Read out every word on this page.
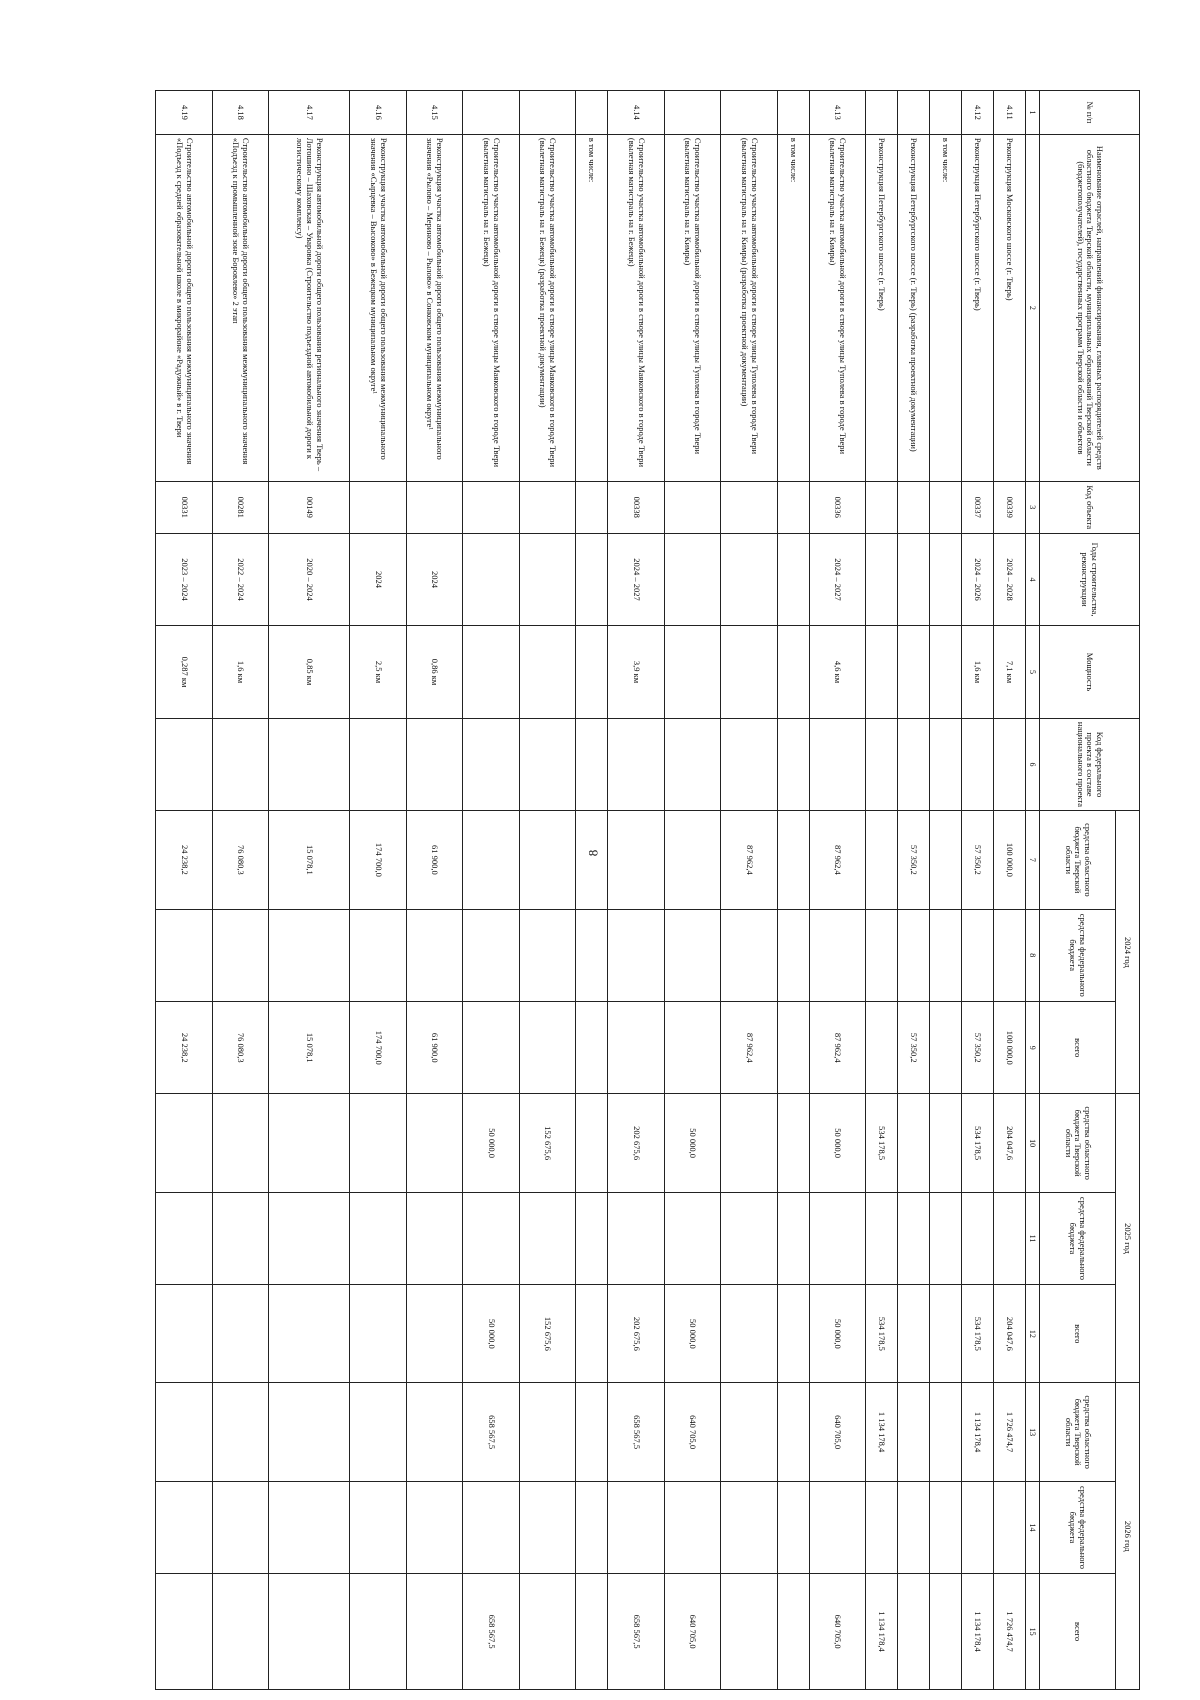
8
№ п/п	Наименование отраслей, направлений финансирования, главных распорядителей средств областного бюджета Тверской области, муниципальных образований Тверской области (бюджетополучателей), государственных программ Тверской области и объектов	Код объекта	Годы строительства, реконструкции	Мощность	Код федерального проекта в составе национального проекта	2024 год			2025 год			2026 год		
						средства областного бюджета Тверской области	средства федерального бюджета	всего	средства областного бюджета Тверской области	средства федерального бюджета	всего	средства областного бюджета Тверской области	средства федерального бюджета	всего
1	2	3	4	5	6	7	8	9	10	11	12	13	14	15
4.11	Реконструкция Московского шоссе (г. Тверь)	00339	2024 – 2028	7,1 км		100 000,0		100 000,0	204 047,6		204 047,6	1 726 474,7		1 726 474,7
4.12	Реконструкция Петербургского шоссе (г. Тверь)	00337	2024 – 2026	1,6 км		57 350,2		57 350,2	534 178,5		534 178,5	1 134 178,4		1 134 178,4
	в том числе:													
	Реконструкция Петербургского шоссе (г. Тверь) (разработка проектной документации)					57 350,2		57 350,2						
	Реконструкция Петербургского шоссе (г. Тверь)								534 178,5		534 178,5	1 134 178,4		1 134 178,4
4.13	Строительство участка автомобильной дороги в створе улицы Туполева в городе Твери (вылетная магистраль на г. Кимры)	00336	2024 – 2027	4,6 км		87 962,4		87 962,4	50 000,0		50 000,0	640 705,0		640 705,0
	в том числе:													
	Строительство участка автомобильной дороги в створе улицы Туполева в городе Твери (вылетная магистраль на г. Кимры) (разработка проектной документации)					87 962,4		87 962,4						
	Строительство участка автомобильной дороги в створе улицы Туполева в городе Твери (вылетная магистраль на г. Кимры)								50 000,0		50 000,0	640 705,0		640 705,0
4.14	Строительство участка автомобильной дороги в створе улицы Маяковского в городе Твери (вылетная магистраль на г. Бежецк)	00338	2024 – 2027	3,9 км					202 675,6		202 675,6	658 567,5		658 567,5
	в том числе:													
	Строительство участка автомобильной дороги в створе улицы Маяковского в городе Твери (вылетная магистраль на г. Бежецк) (разработка проектной документации)								152 675,6		152 675,6			
	Строительство участка автомобильной дороги в створе улицы Маяковского в городе Твери (вылетная магистраль на г. Бежецк)								50 000,0		50 000,0	658 567,5		658 567,5
4.15	Реконструкция участка автомобильной дороги общего пользования межмуниципального значения «Рылово – Мериново – Рылово» в Сонковском муниципальном округе¹		2024	0,86 км		61 900,0		61 900,0						
4.16	Реконструкция участка автомобильной дороги общего пользования межмуниципального значения «Сырцевка – Высоково» в Бежецком муниципальном округе¹		2024	2,5 км		174 700,0		174 700,0						
4.17	Реконструкция автомобильной дороги общего пользования регионального значения Тверь – Лотошино – Шаховская – Уваровка (Строительство подъездной автомобильной дороги к логистическому комплексу)	00149	2020 – 2024	0,85 км		15 078,1		15 078,1						
4.18	Строительство автомобильной дороги общего пользования межмуниципального значения «Подъезд к промышленной зоне Боровлево» 2 этап	00281	2022 – 2024	1,6 км		76 080,3		76 080,3						
4.19	Строительство автомобильной дороги общего пользования межмуниципального значения «Подъезд к средней образовательной школе в микрорайоне «Радужный» в г. Твери	00331	2023 – 2024	0,287 км		24 238,2		24 238,2						
